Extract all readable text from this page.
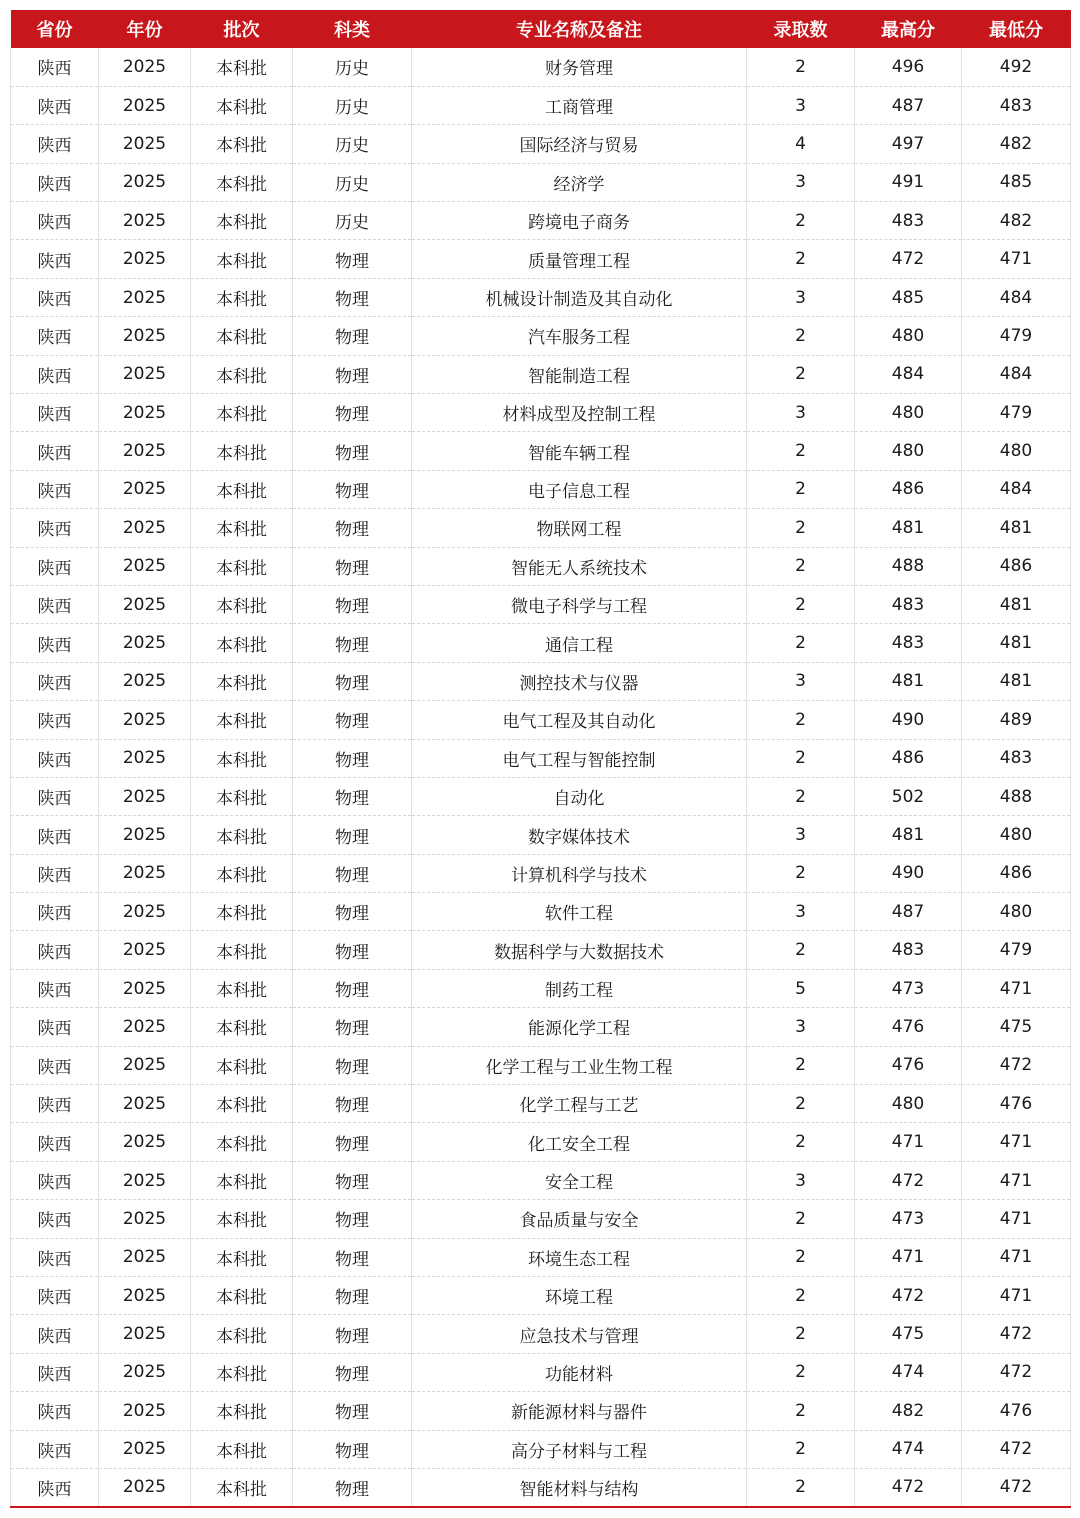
省份	年份	批次	科类	专业名称及备注	录取数	最高分	最低分
陕西	2025	本科批	历史	财务管理	2	496	492
陕西	2025	本科批	历史	工商管理	3	487	483
陕西	2025	本科批	历史	国际经济与贸易	4	497	482
陕西	2025	本科批	历史	经济学	3	491	485
陕西	2025	本科批	历史	跨境电子商务	2	483	482
陕西	2025	本科批	物理	质量管理工程	2	472	471
陕西	2025	本科批	物理	机械设计制造及其自动化	3	485	484
陕西	2025	本科批	物理	汽车服务工程	2	480	479
陕西	2025	本科批	物理	智能制造工程	2	484	484
陕西	2025	本科批	物理	材料成型及控制工程	3	480	479
陕西	2025	本科批	物理	智能车辆工程	2	480	480
陕西	2025	本科批	物理	电子信息工程	2	486	484
陕西	2025	本科批	物理	物联网工程	2	481	481
陕西	2025	本科批	物理	智能无人系统技术	2	488	486
陕西	2025	本科批	物理	微电子科学与工程	2	483	481
陕西	2025	本科批	物理	通信工程	2	483	481
陕西	2025	本科批	物理	测控技术与仪器	3	481	481
陕西	2025	本科批	物理	电气工程及其自动化	2	490	489
陕西	2025	本科批	物理	电气工程与智能控制	2	486	483
陕西	2025	本科批	物理	自动化	2	502	488
陕西	2025	本科批	物理	数字媒体技术	3	481	480
陕西	2025	本科批	物理	计算机科学与技术	2	490	486
陕西	2025	本科批	物理	软件工程	3	487	480
陕西	2025	本科批	物理	数据科学与大数据技术	2	483	479
陕西	2025	本科批	物理	制药工程	5	473	471
陕西	2025	本科批	物理	能源化学工程	3	476	475
陕西	2025	本科批	物理	化学工程与工业生物工程	2	476	472
陕西	2025	本科批	物理	化学工程与工艺	2	480	476
陕西	2025	本科批	物理	化工安全工程	2	471	471
陕西	2025	本科批	物理	安全工程	3	472	471
陕西	2025	本科批	物理	食品质量与安全	2	473	471
陕西	2025	本科批	物理	环境生态工程	2	471	471
陕西	2025	本科批	物理	环境工程	2	472	471
陕西	2025	本科批	物理	应急技术与管理	2	475	472
陕西	2025	本科批	物理	功能材料	2	474	472
陕西	2025	本科批	物理	新能源材料与器件	2	482	476
陕西	2025	本科批	物理	高分子材料与工程	2	474	472
陕西	2025	本科批	物理	智能材料与结构	2	472	472
